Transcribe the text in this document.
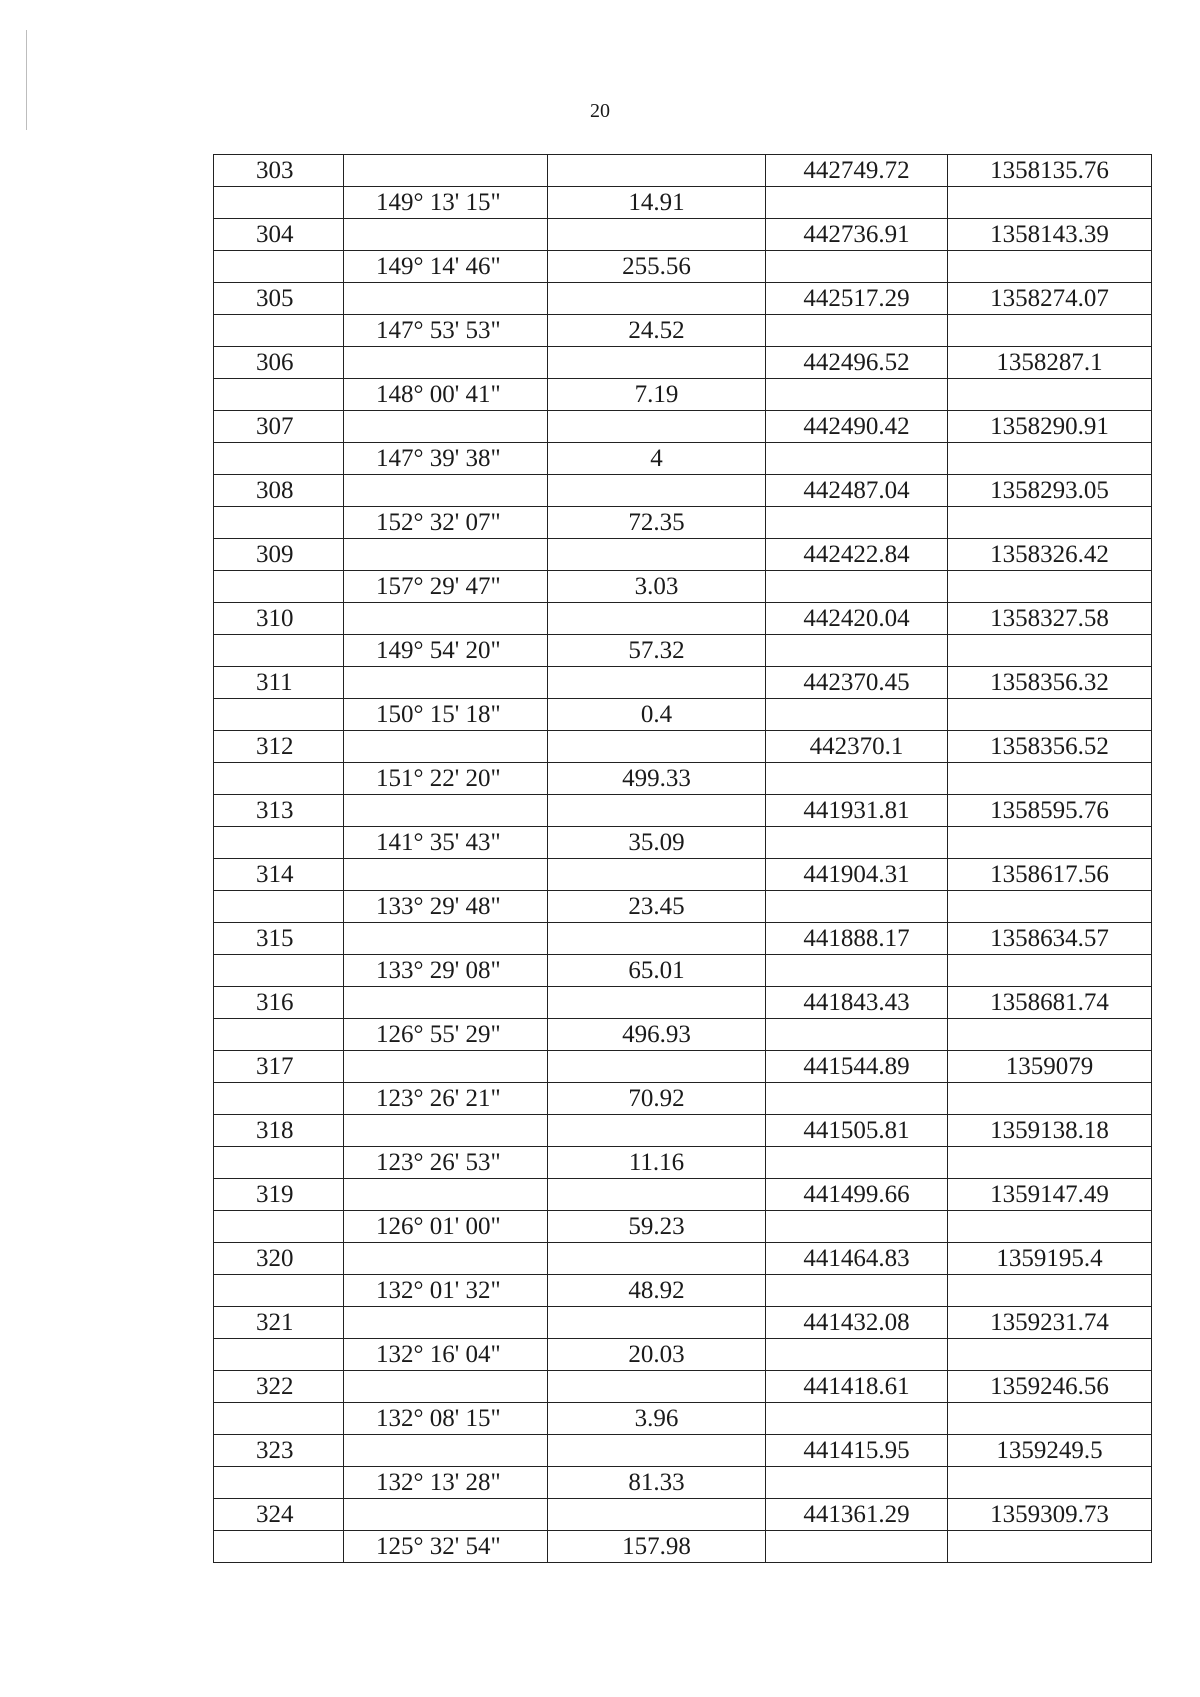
20
303			442749.72	1358135.76
	149° 13' 15"	14.91		
304			442736.91	1358143.39
	149° 14' 46"	255.56		
305			442517.29	1358274.07
	147° 53' 53"	24.52		
306			442496.52	1358287.1
	148° 00' 41"	7.19		
307			442490.42	1358290.91
	147° 39' 38"	4		
308			442487.04	1358293.05
	152° 32' 07"	72.35		
309			442422.84	1358326.42
	157° 29' 47"	3.03		
310			442420.04	1358327.58
	149° 54' 20"	57.32		
311			442370.45	1358356.32
	150° 15' 18"	0.4		
312			442370.1	1358356.52
	151° 22' 20"	499.33		
313			441931.81	1358595.76
	141° 35' 43"	35.09		
314			441904.31	1358617.56
	133° 29' 48"	23.45		
315			441888.17	1358634.57
	133° 29' 08"	65.01		
316			441843.43	1358681.74
	126° 55' 29"	496.93		
317			441544.89	1359079
	123° 26' 21"	70.92		
318			441505.81	1359138.18
	123° 26' 53"	11.16		
319			441499.66	1359147.49
	126° 01' 00"	59.23		
320			441464.83	1359195.4
	132° 01' 32"	48.92		
321			441432.08	1359231.74
	132° 16' 04"	20.03		
322			441418.61	1359246.56
	132° 08' 15"	3.96		
323			441415.95	1359249.5
	132° 13' 28"	81.33		
324			441361.29	1359309.73
	125° 32' 54"	157.98		
